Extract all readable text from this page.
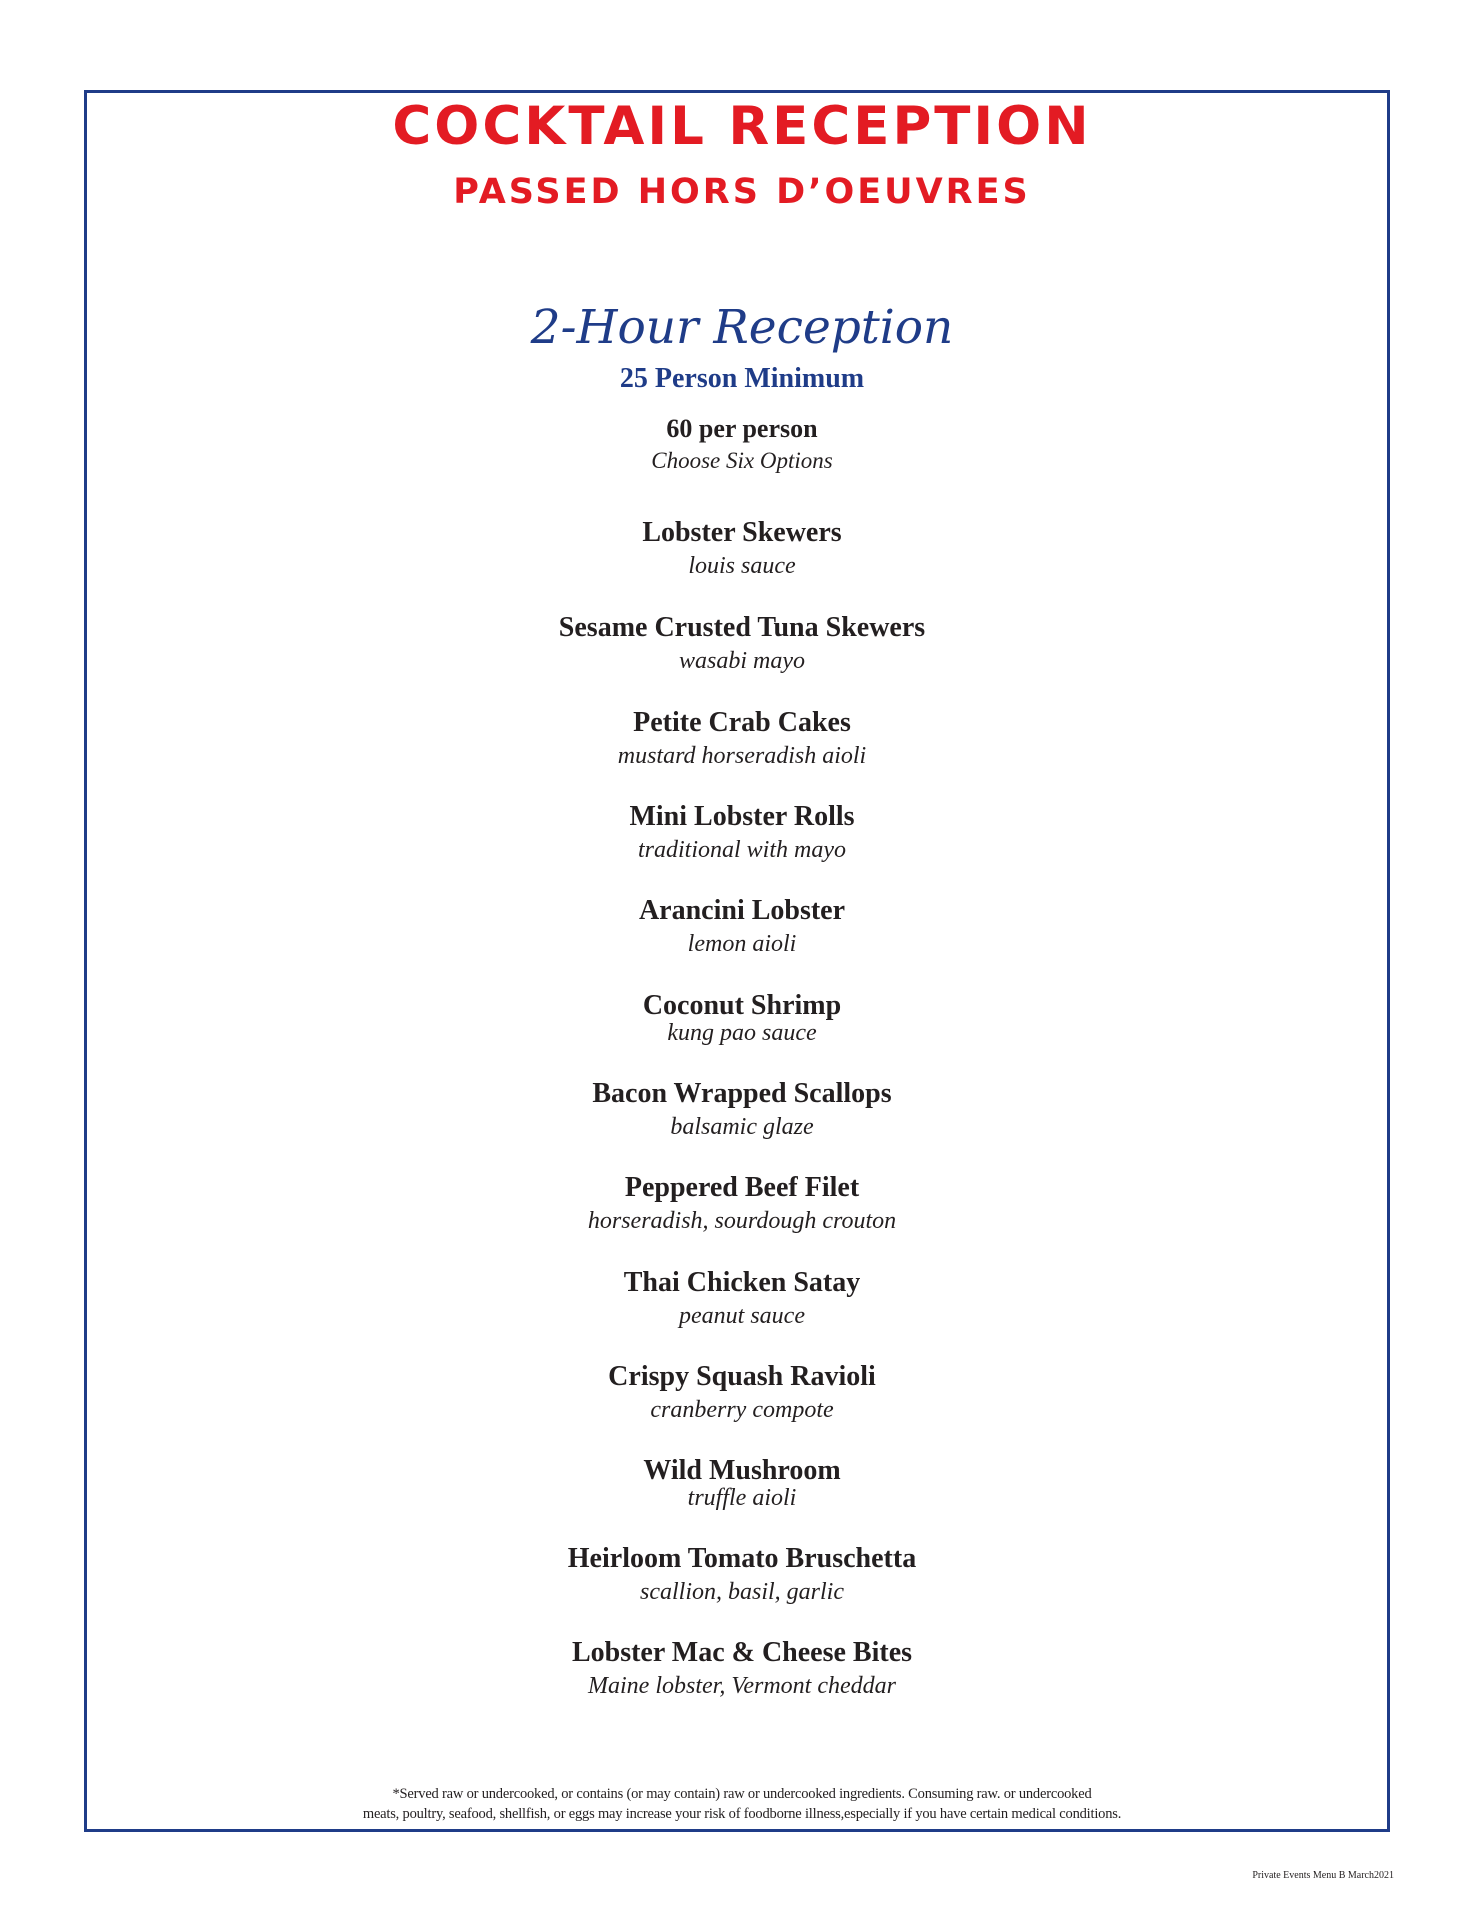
COCKTAIL RECEPTION
PASSED HORS D’OEUVRES
2-Hour Reception
25 Person Minimum
60 per person
Choose Six Options
Lobster Skewers
louis sauce
Sesame Crusted Tuna Skewers
wasabi mayo
Petite Crab Cakes
mustard horseradish aioli
Mini Lobster Rolls
traditional with mayo
Arancini Lobster
lemon aioli
Coconut Shrimp
kung pao sauce
Bacon Wrapped Scallops
balsamic glaze
Peppered Beef Filet
horseradish, sourdough crouton
Thai Chicken Satay
peanut sauce
Crispy Squash Ravioli
cranberry compote
Wild Mushroom
truffle aioli
Heirloom Tomato Bruschetta
scallion, basil, garlic
Lobster Mac & Cheese Bites
Maine lobster, Vermont cheddar
*Served raw or undercooked, or contains (or may contain) raw or undercooked ingredients. Consuming raw. or undercooked
meats, poultry, seafood, shellfish, or eggs may increase your risk of foodborne illness,especially if you have certain medical conditions.
Private Events Menu B March2021
